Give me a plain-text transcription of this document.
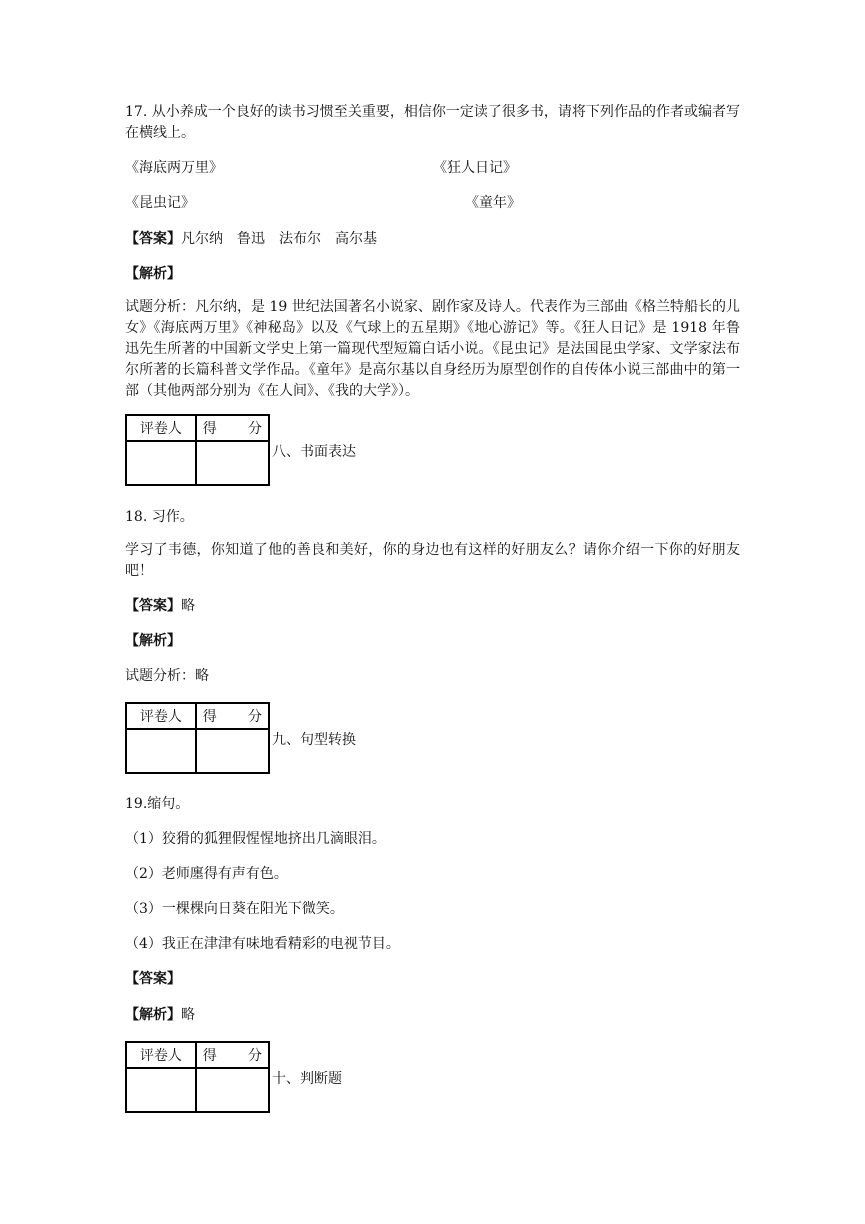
17. 从小养成一个良好的读书习惯至关重要，相信你一定读了很多书，请将下列作品的作者或编者写在横线上。
《海底两万里》	《狂人日记》
《昆虫记》	《童年》
【答案】凡尔纳　鲁迅　法布尔　高尔基
【解析】
试题分析：凡尔纳，是 19 世纪法国著名小说家、剧作家及诗人。代表作为三部曲《格兰特船长的儿女》《海底两万里》《神秘岛》以及《气球上的五星期》《地心游记》等。《狂人日记》是 1918 年鲁迅先生所著的中国新文学史上第一篇现代型短篇白话小说。《昆虫记》是法国昆虫学家、文学家法布尔所著的长篇科普文学作品。《童年》是高尔基以自身经历为原型创作的自传体小说三部曲中的第一部（其他两部分别为《在人间》、《我的大学》）。
评卷人	得　分

八、书面表达
18. 习作。
学习了韦德，你知道了他的善良和美好，你的身边也有这样的好朋友么？请你介绍一下你的好朋友吧！
【答案】略
【解析】
试题分析：略
评卷人	得　分

九、句型转换
19.缩句。
（1）狡猾的狐狸假惺惺地挤出几滴眼泪。
（2）老师廛得有声有色。
（3）一棵棵向日葵在阳光下微笑。
（4）我正在津津有味地看精彩的电视节目。
【答案】
【解析】略
评卷人	得　分

十、判断题
